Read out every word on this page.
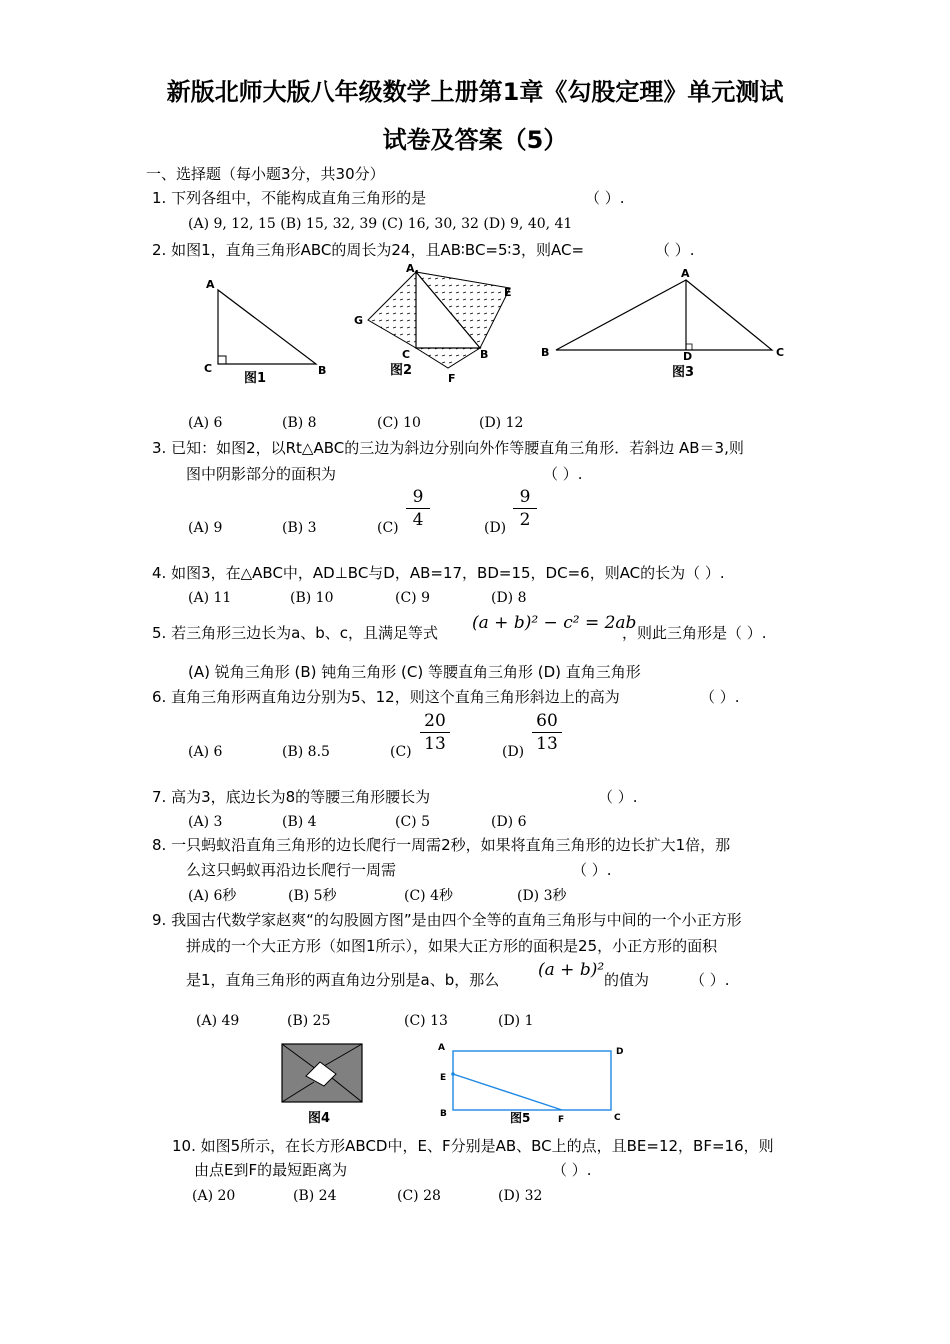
新版北师大版八年级数学上册第1章《勾股定理》单元测试
试卷及答案（5）
一、选择题（每小题3分，共30分）
1. 下列各组中，不能构成直角三角形的是	（ ）.
(A) 9, 12, 15 (B) 15, 32, 39 (C) 16, 30, 32 (D) 9, 40, 41
2. 如图1，直角三角形ABC的周长为24，且AB∶BC=5∶3，则AC=	（ ）.
A
C	B
图1
A.
E
G
C	B
F
图2
A
B	D	C
图3
(A) 6	(B) 8	(C) 10	(D) 12
3. 已知：如图2，以Rt△ABC的三边为斜边分别向外作等腰直角三角形．若斜边 AB＝3,则
图中阴影部分的面积为	（ ）.
(A) 9	(B) 3	$(C) \frac{9}{4}$	$(D) \frac{9}{2}$
4. 如图3，在△ABC中，AD⊥BC与D，AB=17，BD=15，DC=6，则AC的长为（ ）.
(A) 11	(B) 10	(C) 9	(D) 8
5. 若三角形三边长为a、b、c，且满足等式 (a + b)² − c² = 2ab
，则此三角形是（ ）.
(A) 锐角三角形 (B) 钝角三角形 (C) 等腰直角三角形 (D) 直角三角形
6. 直角三角形两直角边分别为5、12，则这个直角三角形斜边上的高为	（ ）.
(A) 6	(B) 8.5	$(C) \frac{20}{13}$	$(D) \frac{60}{13}$
7. 高为3，底边长为8的等腰三角形腰长为	（ ）.
(A) 3	(B) 4	(C) 5	(D) 6
8. 一只蚂蚁沿直角三角形的边长爬行一周需2秒，如果将直角三角形的边长扩大1倍，那
么这只蚂蚁再沿边长爬行一周需	（ ）.
(A) 6秒	(B) 5秒	(C) 4秒	(D) 3秒
9. 我国古代数学家赵爽“的勾股圆方图”是由四个全等的直角三角形与中间的一个小正方形
拼成的一个大正方形（如图1所示），如果大正方形的面积是25，小正方形的面积
是1，直角三角形的两直角边分别是a、b，那么 (a + b)² 的值为	（ ）.
(A) 49	(B) 25	(C) 13	(D) 1
图4
A	D
E
B	C
F
图5
10. 如图5所示，在长方形ABCD中，E、F分别是AB、BC上的点，且BE=12，BF=16，则
由点E到F的最短距离为	（ ）.
(A) 20	(B) 24	(C) 28	(D) 32
